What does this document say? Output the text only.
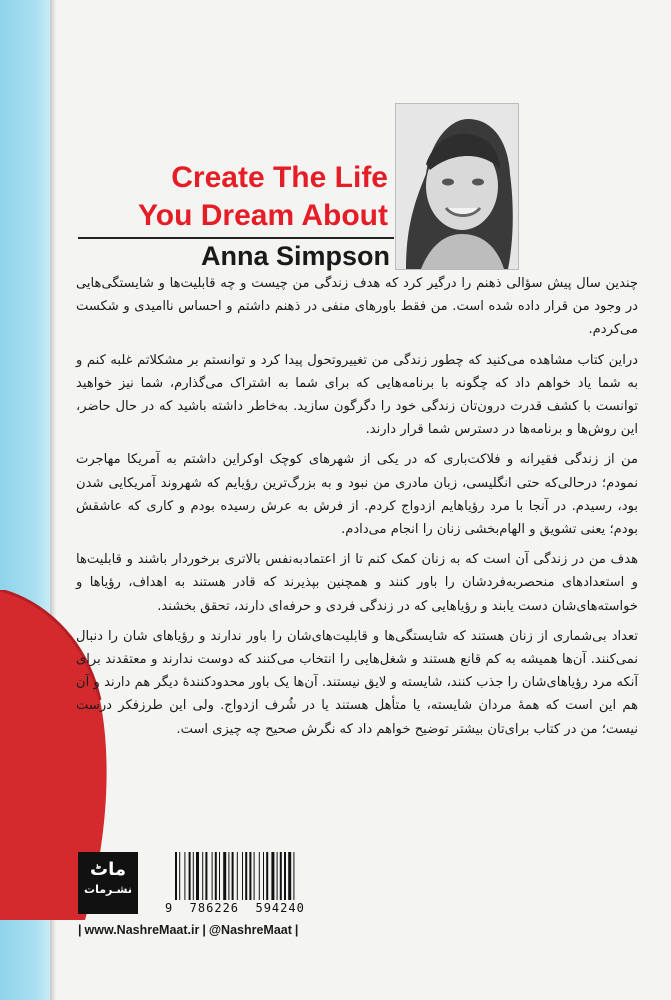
Create The Life
You Dream About
Anna Simpson

چندین سال پیش سؤالی ذهنم را درگیر کرد که هدف زندگی من چیست و چه قابلیت‌ها و شایستگی‌هایی در وجود من قرار داده شده است. من فقط باورهای منفی در ذهنم داشتم و احساس ناامیدی و شکست می‌کردم.

دراین کتاب مشاهده می‌کنید که چطور زندگی من تغییروتحول پیدا کرد و توانستم بر مشکلاتم غلبه کنم و به شما یاد خواهم داد که چگونه با برنامه‌هایی که برای شما به اشتراک می‌گذارم، شما نیز خواهید توانست با کشف قدرت درون‌تان زندگی خود را دگرگون سازید. به‌خاطر داشته باشید که در حال حاضر، این روش‌ها و برنامه‌ها در دسترس شما قرار دارند.

من از زندگی فقیرانه و فلاکت‌باری که در یکی از شهرهای کوچک اوکراین داشتم به آمریکا مهاجرت نمودم؛ درحالی‌که حتی انگلیسی، زبان مادری من نبود و به بزرگ‌ترین رؤیایم که شهروند آمریکایی شدن بود، رسیدم. در آنجا با مرد رؤیاهایم ازدواج کردم. از فرش به عرش رسیده بودم و کاری که عاشقش بودم؛ یعنی تشویق و الهام‌بخشی زنان را انجام می‌دادم.

هدف من در زندگی آن است که به زنان کمک کنم تا از اعتمادبه‌نفس بالاتری برخوردار باشند و قابلیت‌ها و استعدادهای منحصربه‌فردشان را باور کنند و همچنین بپذیرند که قادر هستند به اهداف، رؤیاها و خواسته‌های‌شان دست یابند و رؤیاهایی که در زندگی فردی و حرفه‌ای دارند، تحقق بخشند.

تعداد بی‌شماری از زنان هستند که شایستگی‌ها و قابلیت‌های‌شان را باور ندارند و رؤیاهای شان را دنبال نمی‌کنند. آن‌ها همیشه به کم قانع هستند و شغل‌هایی را انتخاب می‌کنند که دوست ندارند و معتقدند برای آنکه مرد رؤیاهای‌شان را جذب کنند، شایسته و لایق نیستند. آن‌ها یک باور محدودکنندهٔ دیگر هم دارند و آن هم این است که همهٔ مردان شایسته، یا متأهل هستند یا در شُرف ازدواج. ولی این طرزفکر درست نیست؛ من در کتاب برای‌تان بیشتر توضیح خواهم داد که نگرش صحیح چه چیزی است.

ماٹ
نشـرمات
9  786226  594240
| www.NashreMaat.ir | @NashreMaat |
